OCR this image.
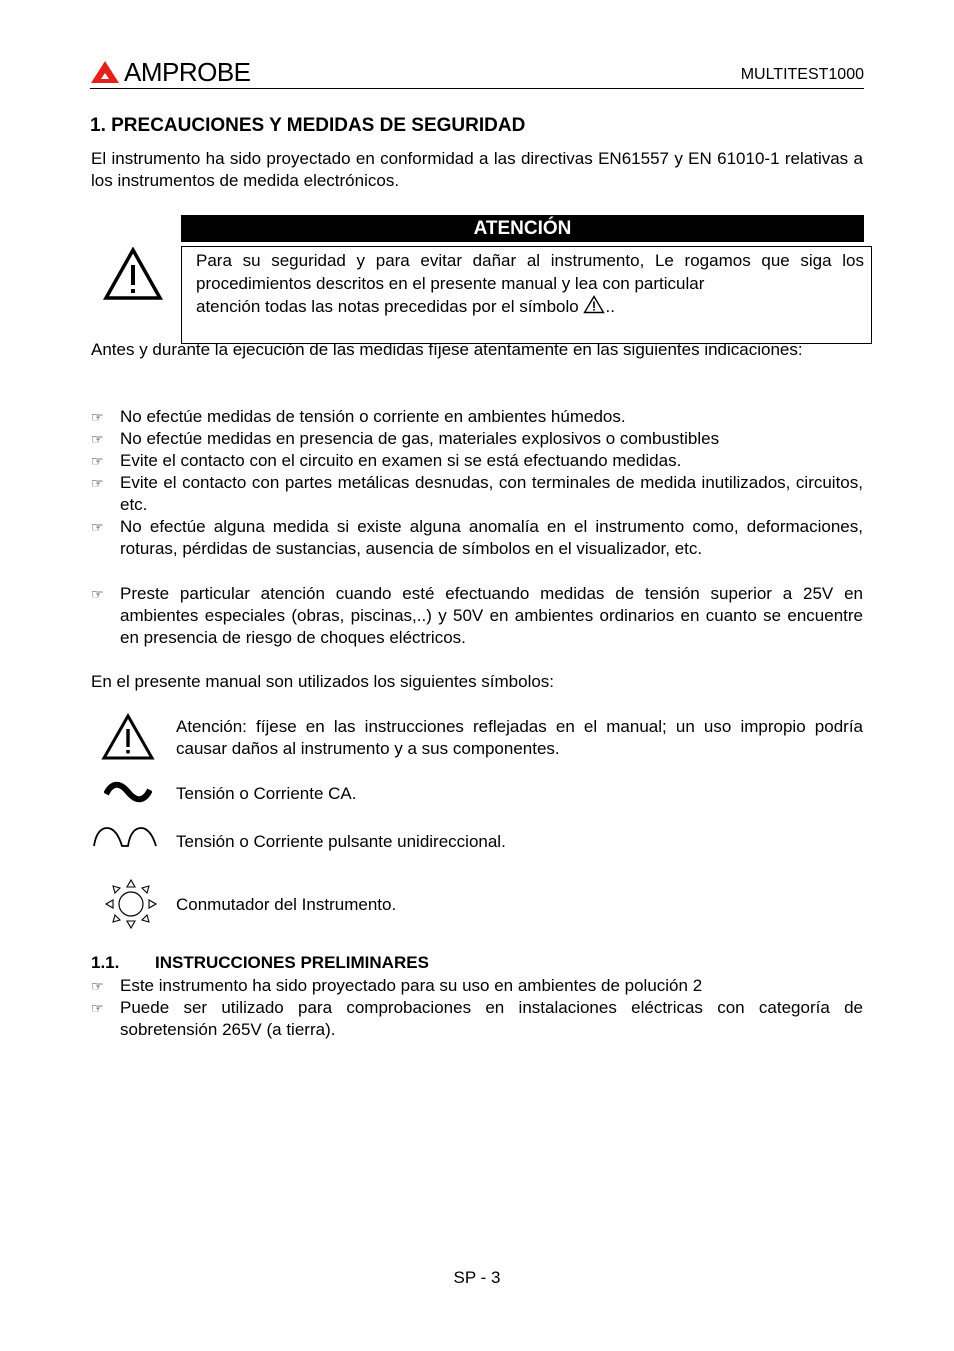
AMPROBE	MULTITEST1000
1. PRECAUCIONES Y MEDIDAS DE SEGURIDAD
El instrumento ha sido proyectado en conformidad a las directivas EN61557 y EN 61010-1 relativas a los instrumentos de medida electrónicos.
ATENCIÓN
Para su seguridad y para evitar dañar al instrumento, Le rogamos que siga los procedimientos descritos en el presente manual y lea con particular
atención todas las notas precedidas por el símbolo ..
Antes y durante la ejecución de las medidas fíjese atentamente en las siguientes indicaciones:
☞ No efectúe medidas de tensión o corriente en ambientes húmedos.
☞ No efectúe medidas en presencia de gas, materiales explosivos o combustibles
☞ Evite el contacto con el circuito en examen si se está efectuando medidas.
☞ Evite el contacto con partes metálicas desnudas, con terminales de medida inutilizados, circuitos, etc.
☞ No efectúe alguna medida si existe alguna anomalía en el instrumento como, deformaciones, roturas, pérdidas de sustancias, ausencia de símbolos en el visualizador, etc.
☞ Preste particular atención cuando esté efectuando medidas de tensión superior a 25V en ambientes especiales (obras, piscinas,..) y 50V en ambientes ordinarios en cuanto se encuentre en presencia de riesgo de choques eléctricos.
En el presente manual son utilizados los siguientes símbolos:
Atención: fíjese en las instrucciones reflejadas en el manual; un uso impropio podría causar daños al instrumento y a sus componentes.
Tensión o Corriente CA.
Tensión o Corriente pulsante unidireccional.
Conmutador del Instrumento.
1.1. INSTRUCCIONES PRELIMINARES
☞ Este instrumento ha sido proyectado para su uso en ambientes de polución 2
☞ Puede ser utilizado para comprobaciones en instalaciones eléctricas con categoría de sobretensión 265V (a tierra).
SP - 3
